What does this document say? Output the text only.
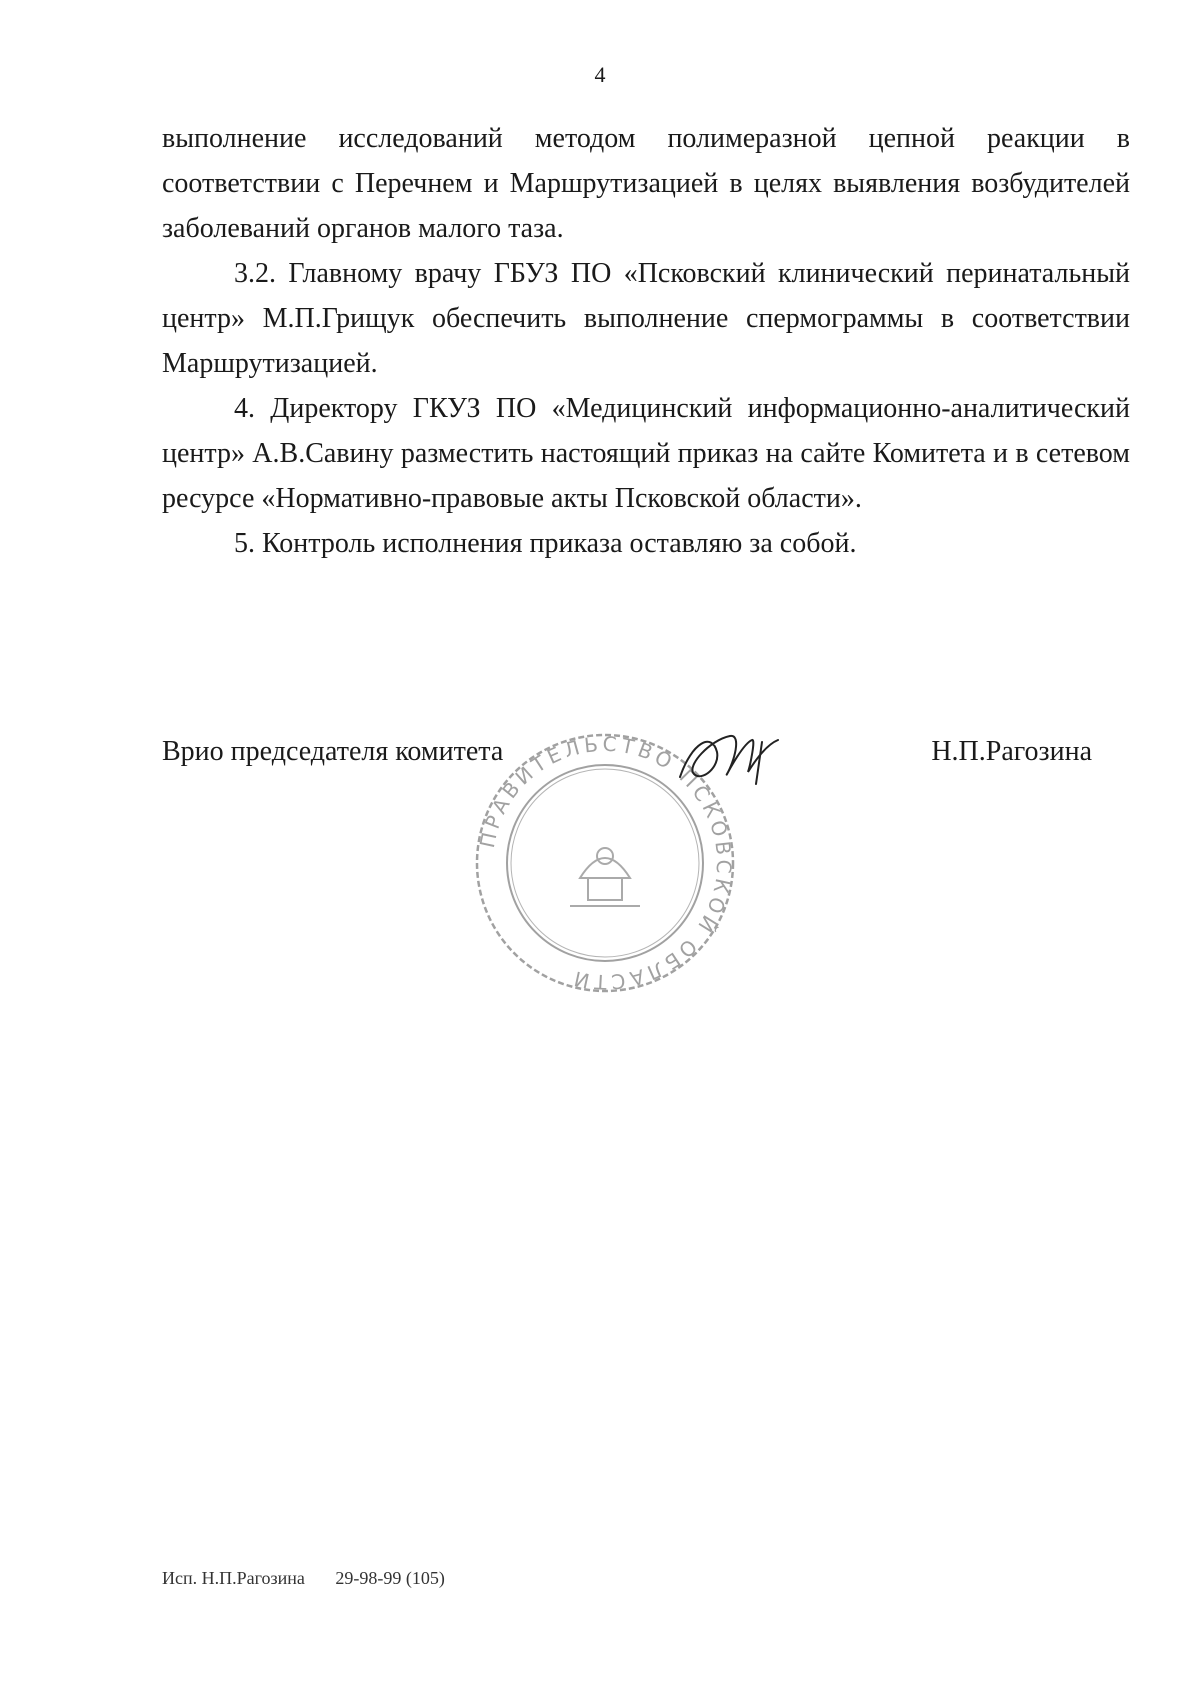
4

выполнение исследований методом полимеразной цепной реакции в соответствии с Перечнем и Маршрутизацией в целях выявления возбудителей заболеваний органов малого таза.

3.2. Главному врачу ГБУЗ ПО «Псковский клинический перинатальный центр» М.П.Грищук обеспечить выполнение спермограммы в соответствии Маршрутизацией.

4. Директору ГКУЗ ПО «Медицинский информационно-аналитический центр» А.В.Савину разместить настоящий приказ на сайте Комитета и в сетевом ресурсе «Нормативно-правовые акты Псковской области».

5. Контроль исполнения приказа оставляю за собой.

ПРАВИТЕЛЬСТВО ПСКОВСКОЙ ОБЛАСТИ
Врио председателя комитета	Н.П.Рагозина
Исп. Н.П.Рагозина 29-98-99 (105)
